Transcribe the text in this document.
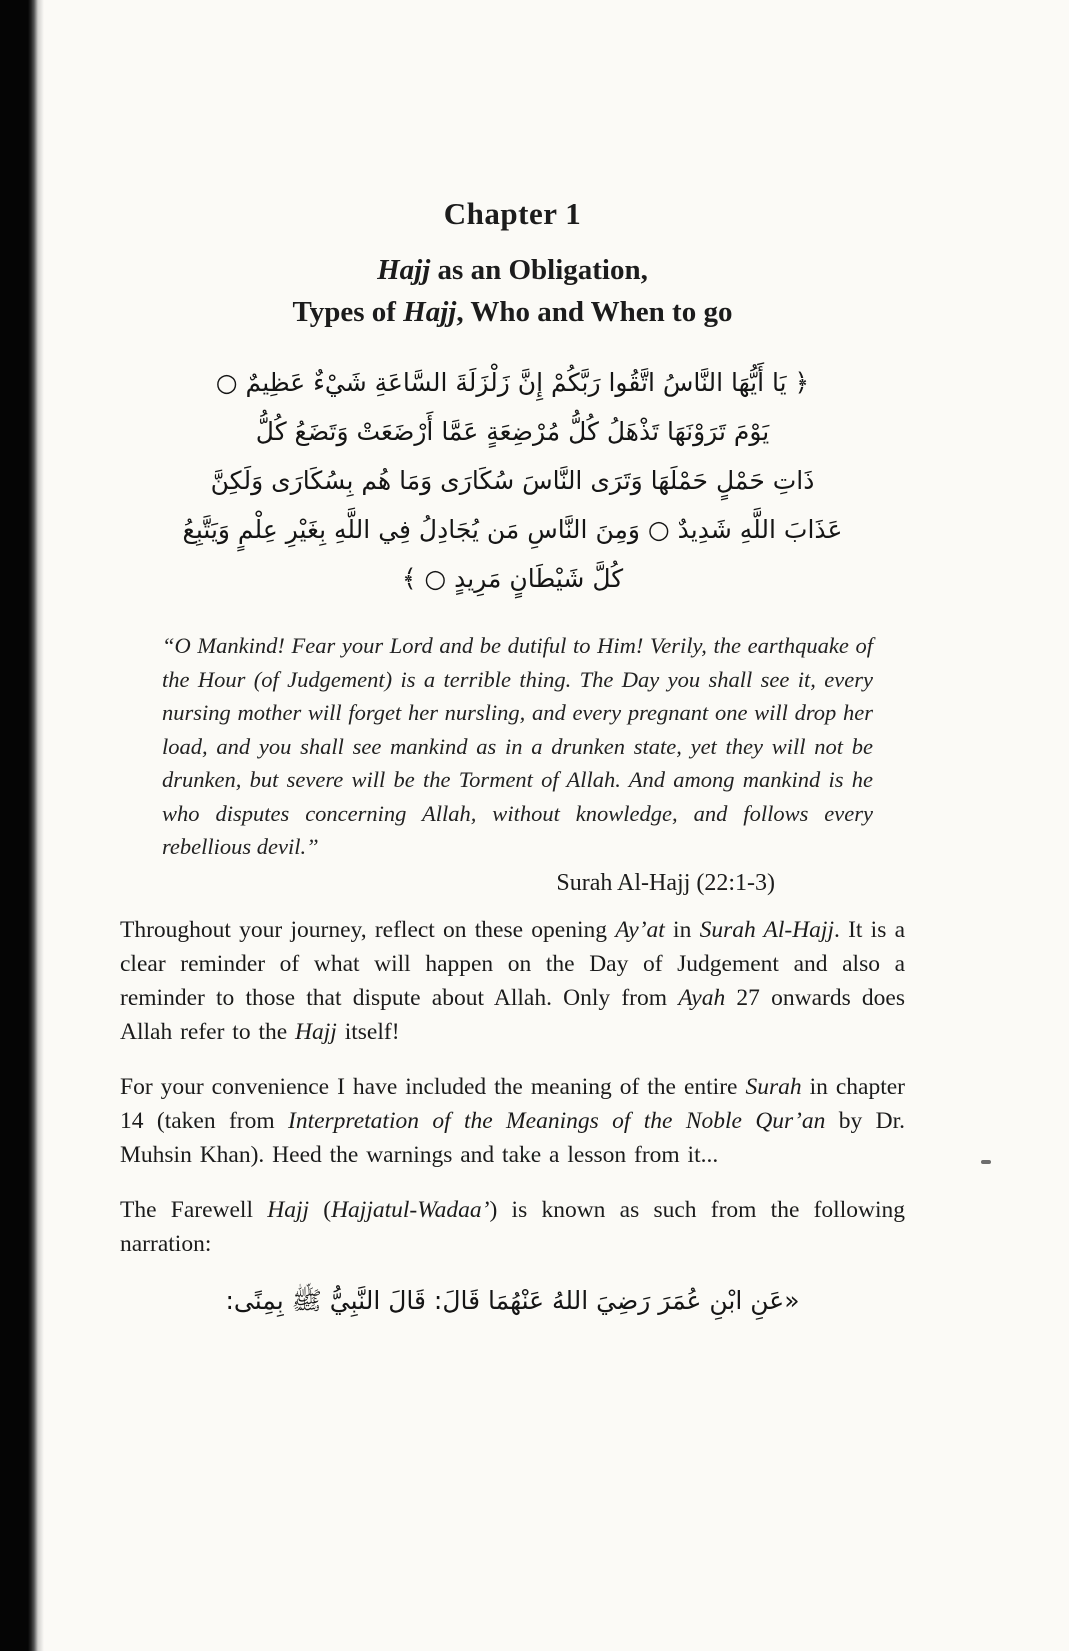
Chapter 1
Hajj as an Obligation,
Types of Hajj, Who and When to go
﴿ يَا أَيُّهَا النَّاسُ اتَّقُوا رَبَّكُمْ إِنَّ زَلْزَلَةَ السَّاعَةِ شَيْءٌ عَظِيمٌ ○
يَوْمَ تَرَوْنَهَا تَذْهَلُ كُلُّ مُرْضِعَةٍ عَمَّا أَرْضَعَتْ وَتَضَعُ كُلُّ
ذَاتِ حَمْلٍ حَمْلَهَا وَتَرَى النَّاسَ سُكَارَى وَمَا هُم بِسُكَارَى وَلَكِنَّ
عَذَابَ اللَّهِ شَدِيدٌ ○ وَمِنَ النَّاسِ مَن يُجَادِلُ فِي اللَّهِ بِغَيْرِ عِلْمٍ وَيَتَّبِعُ
كُلَّ شَيْطَانٍ مَرِيدٍ ○ ﴾

“O Mankind! Fear your Lord and be dutiful to Him! Verily, the earthquake of the Hour (of Judgement) is a terrible thing. The Day you shall see it, every nursing mother will forget her nursling, and every pregnant one will drop her load, and you shall see mankind as in a drunken state, yet they will not be drunken, but severe will be the Torment of Allah. And among mankind is he who disputes concerning Allah, without knowledge, and follows every rebellious devil.”

Surah Al-Hajj (22:1-3)

Throughout your journey, reflect on these opening Ay’at in Surah Al-Hajj. It is a clear reminder of what will happen on the Day of Judgement and also a reminder to those that dispute about Allah. Only from Ayah 27 onwards does Allah refer to the Hajj itself!

For your convenience I have included the meaning of the entire Surah in chapter 14 (taken from Interpretation of the Meanings of the Noble Qur’an by Dr. Muhsin Khan). Heed the warnings and take a lesson from it...

The Farewell Hajj (Hajjatul-Wadaa’) is known as such from the following narration:

«عَنِ ابْنِ عُمَرَ رَضِيَ اللهُ عَنْهُمَا قَالَ: قَالَ النَّبِيُّ ﷺ بِمِنًى:
